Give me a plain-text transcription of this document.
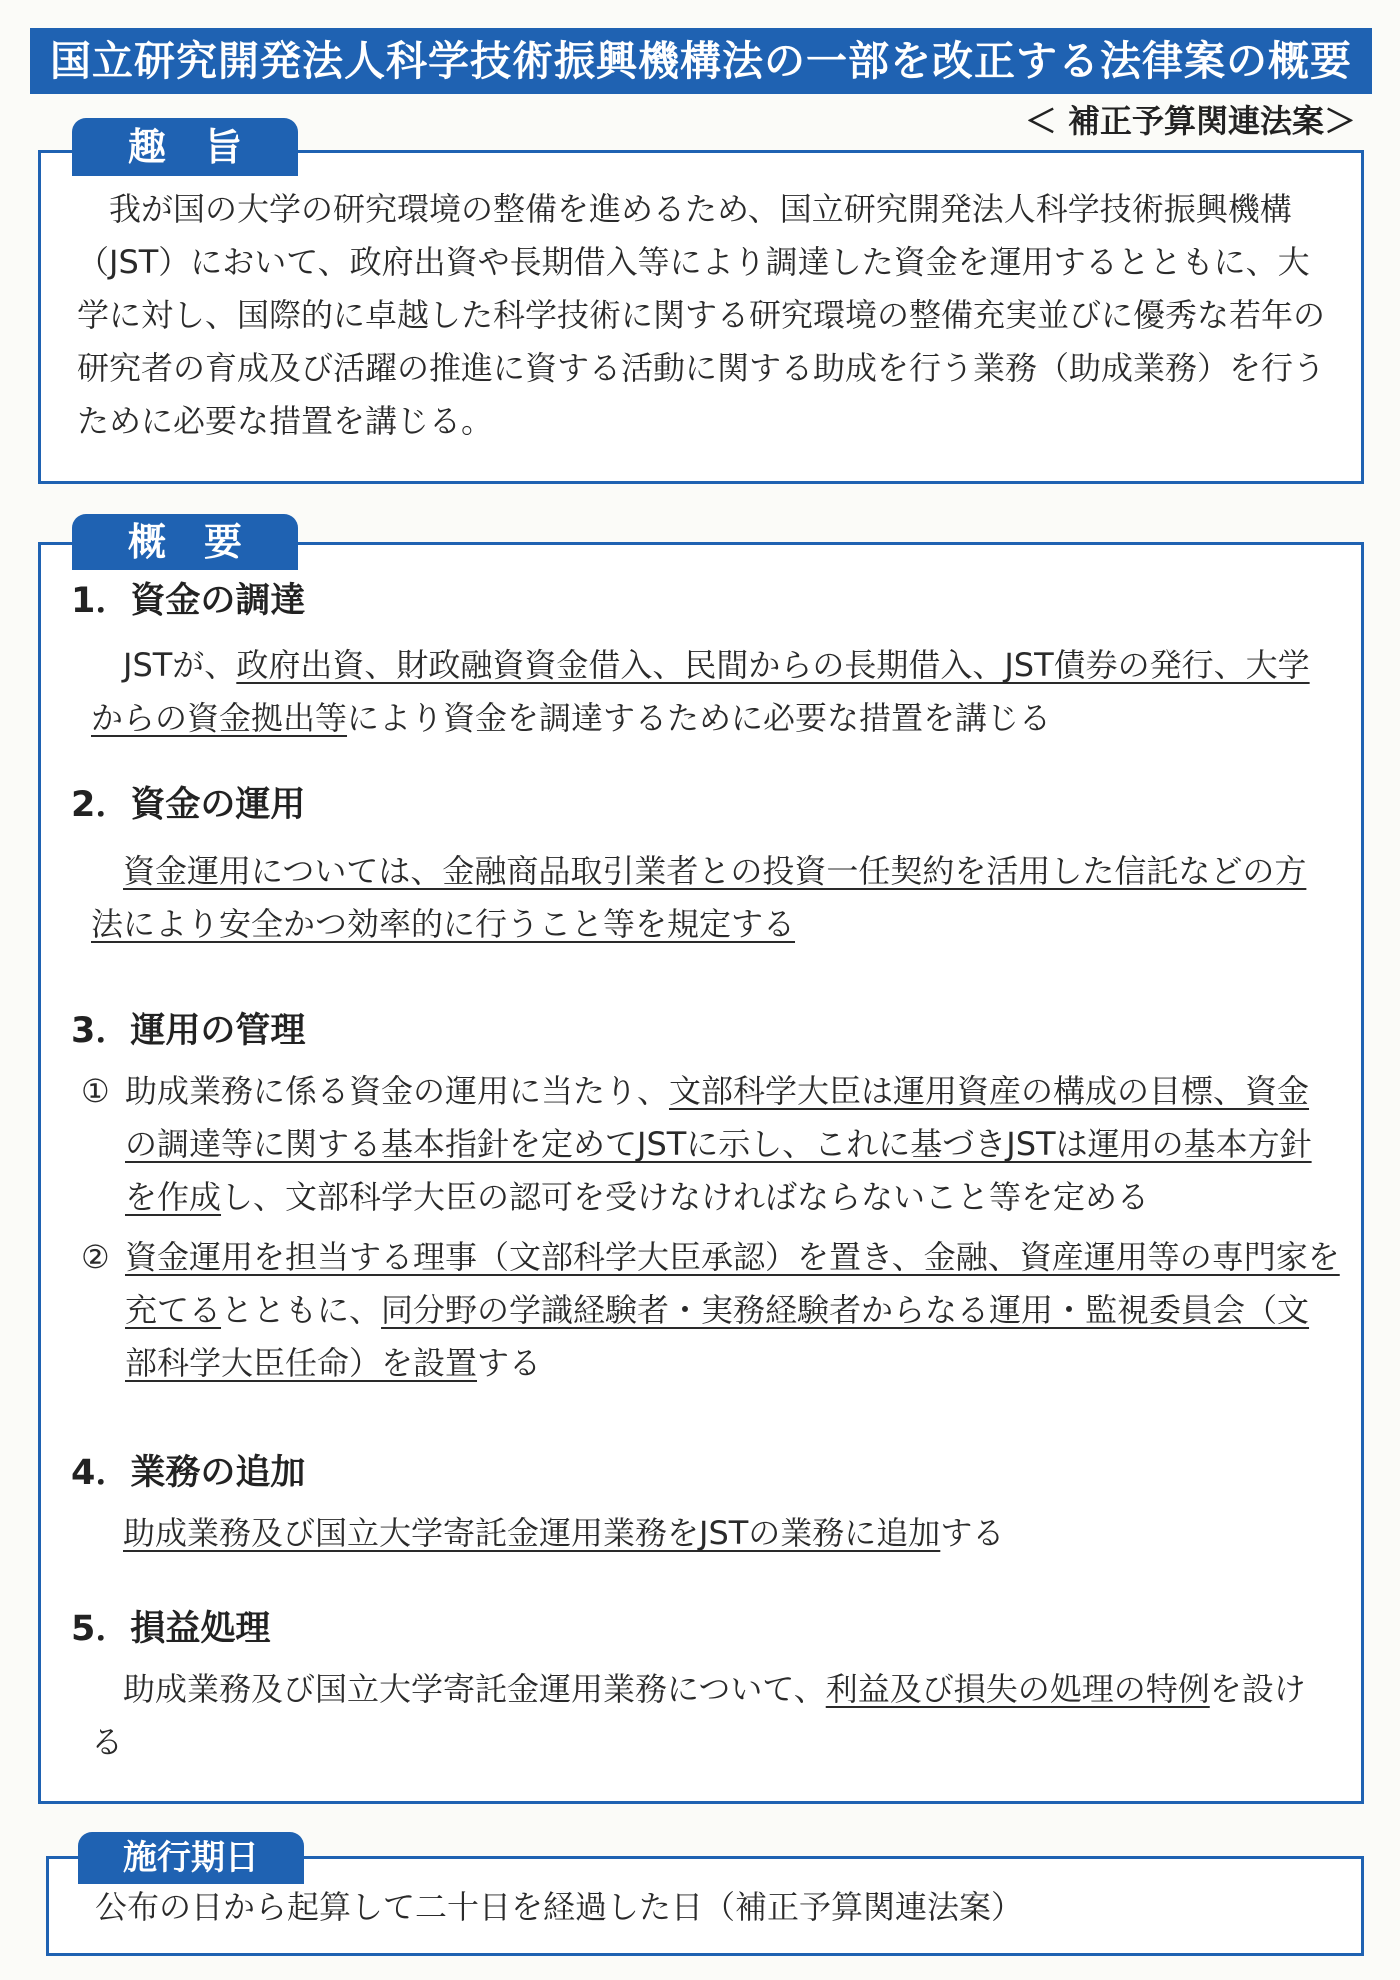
国立研究開発法人科学技術振興機構法の一部を改正する法律案の概要
＜ 補正予算関連法案＞
我が国の大学の研究環境の整備を進めるため、国立研究開発法人科学技術振興機構（JST）において、政府出資や長期借入等により調達した資金を運用するとともに、大学に対し、国際的に卓越した科学技術に関する研究環境の整備充実並びに優秀な若年の研究者の育成及び活躍の推進に資する活動に関する助成を行う業務（助成業務）を行うために必要な措置を講じる。
趣　旨
1．資金の調達
JSTが、政府出資、財政融資資金借入、民間からの長期借入、JST債券の発行、大学からの資金拠出等により資金を調達するために必要な措置を講じる
2．資金の運用
資金運用については、金融商品取引業者との投資一任契約を活用した信託などの方法により安全かつ効率的に行うこと等を規定する
3．運用の管理
① 助成業務に係る資金の運用に当たり、文部科学大臣は運用資産の構成の目標、資金の調達等に関する基本指針を定めてJSTに示し、これに基づきJSTは運用の基本方針を作成し、文部科学大臣の認可を受けなければならないこと等を定める
② 資金運用を担当する理事（文部科学大臣承認）を置き、金融、資産運用等の専門家を充てるとともに、同分野の学識経験者・実務経験者からなる運用・監視委員会（文部科学大臣任命）を設置する
4．業務の追加
助成業務及び国立大学寄託金運用業務をJSTの業務に追加する
5．損益処理
助成業務及び国立大学寄託金運用業務について、利益及び損失の処理の特例を設ける
概　要
公布の日から起算して二十日を経過した日（補正予算関連法案）
施行期日
